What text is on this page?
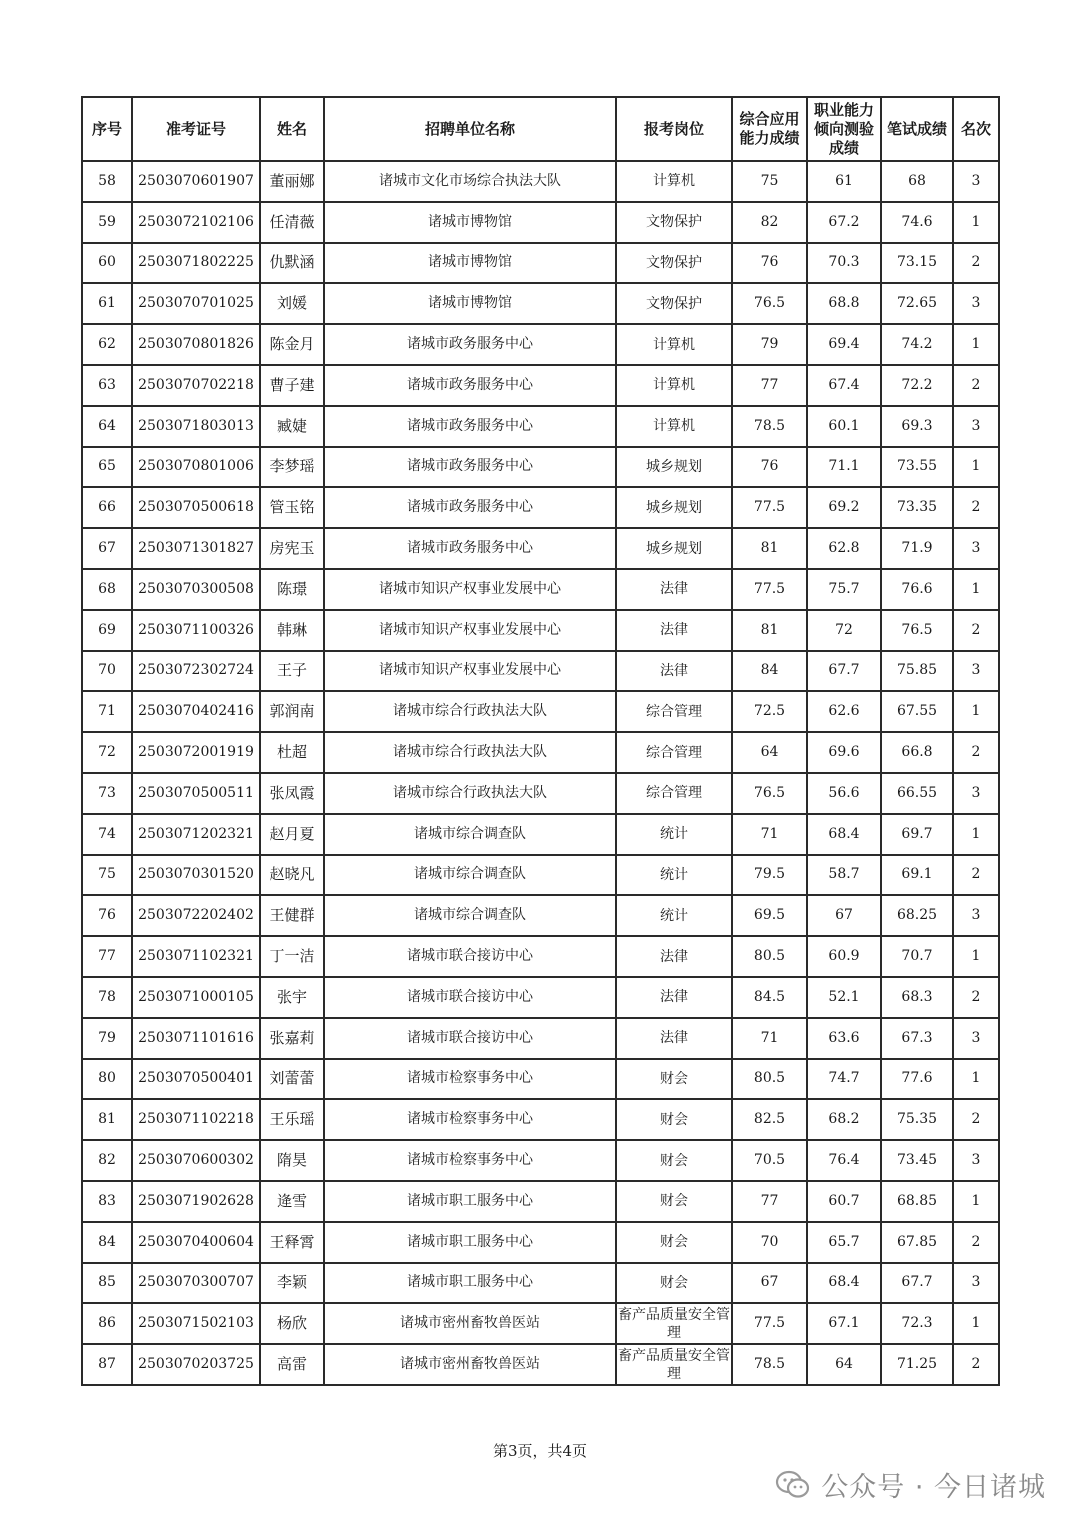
序号	准考证号	姓名	招聘单位名称	报考岗位	综合应用能力成绩	职业能力倾向测验成绩	笔试成绩	名次
58	2503070601907	董丽娜	诸城市文化市场综合执法大队	计算机	75	61	68	3
59	2503072102106	任清薇	诸城市博物馆	文物保护	82	67.2	74.6	1
60	2503071802225	仇默涵	诸城市博物馆	文物保护	76	70.3	73.15	2
61	2503070701025	刘媛	诸城市博物馆	文物保护	76.5	68.8	72.65	3
62	2503070801826	陈金月	诸城市政务服务中心	计算机	79	69.4	74.2	1
63	2503070702218	曹子建	诸城市政务服务中心	计算机	77	67.4	72.2	2
64	2503071803013	臧婕	诸城市政务服务中心	计算机	78.5	60.1	69.3	3
65	2503070801006	李梦瑶	诸城市政务服务中心	城乡规划	76	71.1	73.55	1
66	2503070500618	管玉铭	诸城市政务服务中心	城乡规划	77.5	69.2	73.35	2
67	2503071301827	房宪玉	诸城市政务服务中心	城乡规划	81	62.8	71.9	3
68	2503070300508	陈璟	诸城市知识产权事业发展中心	法律	77.5	75.7	76.6	1
69	2503071100326	韩琳	诸城市知识产权事业发展中心	法律	81	72	76.5	2
70	2503072302724	王子	诸城市知识产权事业发展中心	法律	84	67.7	75.85	3
71	2503070402416	郭润南	诸城市综合行政执法大队	综合管理	72.5	62.6	67.55	1
72	2503072001919	杜超	诸城市综合行政执法大队	综合管理	64	69.6	66.8	2
73	2503070500511	张凤霞	诸城市综合行政执法大队	综合管理	76.5	56.6	66.55	3
74	2503071202321	赵月夏	诸城市综合调查队	统计	71	68.4	69.7	1
75	2503070301520	赵晓凡	诸城市综合调查队	统计	79.5	58.7	69.1	2
76	2503072202402	王健群	诸城市综合调查队	统计	69.5	67	68.25	3
77	2503071102321	丁一洁	诸城市联合接访中心	法律	80.5	60.9	70.7	1
78	2503071000105	张宇	诸城市联合接访中心	法律	84.5	52.1	68.3	2
79	2503071101616	张嘉莉	诸城市联合接访中心	法律	71	63.6	67.3	3
80	2503070500401	刘蕾蕾	诸城市检察事务中心	财会	80.5	74.7	77.6	1
81	2503071102218	王乐瑶	诸城市检察事务中心	财会	82.5	68.2	75.35	2
82	2503070600302	隋昊	诸城市检察事务中心	财会	70.5	76.4	73.45	3
83	2503071902628	逄雪	诸城市职工服务中心	财会	77	60.7	68.85	1
84	2503070400604	王释霄	诸城市职工服务中心	财会	70	65.7	67.85	2
85	2503070300707	李颖	诸城市职工服务中心	财会	67	68.4	67.7	3
86	2503071502103	杨欣	诸城市密州畜牧兽医站	畜产品质量安全管理	77.5	67.1	72.3	1
87	2503070203725	高雷	诸城市密州畜牧兽医站	畜产品质量安全管理	78.5	64	71.25	2
第3页，共4页
公众号 · 今日诸城
